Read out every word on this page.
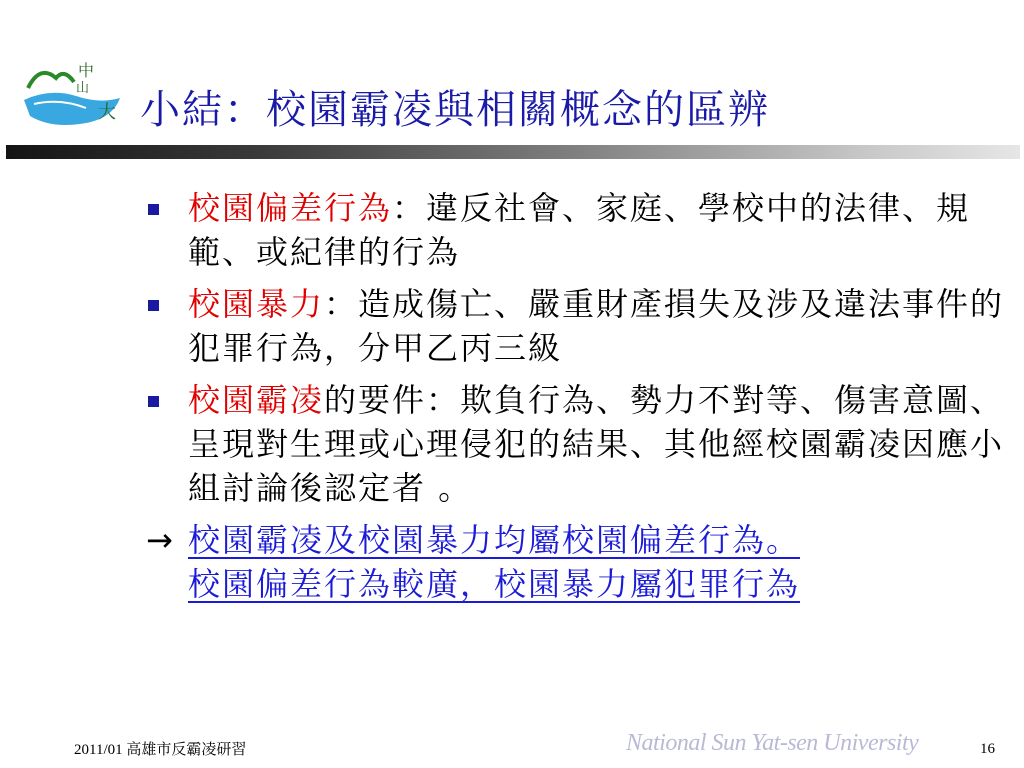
中
山
大 小結：校園霸凌與相關概念的區辨
校園偏差行為：違反社會、家庭、學校中的法律、規範、或紀律的行為
校園暴力：造成傷亡、嚴重財產損失及涉及違法事件的犯罪行為，分甲乙丙三級
校園霸凌的要件：欺負行為、勢力不對等、傷害意圖、呈現對生理或心理侵犯的結果、其他經校園霸凌因應小組討論後認定者 。
→ 校園霸凌及校園暴力均屬校園偏差行為。
校園偏差行為較廣，校園暴力屬犯罪行為
2011/01 高雄市反霸凌研習	National Sun Yat-sen University	16
